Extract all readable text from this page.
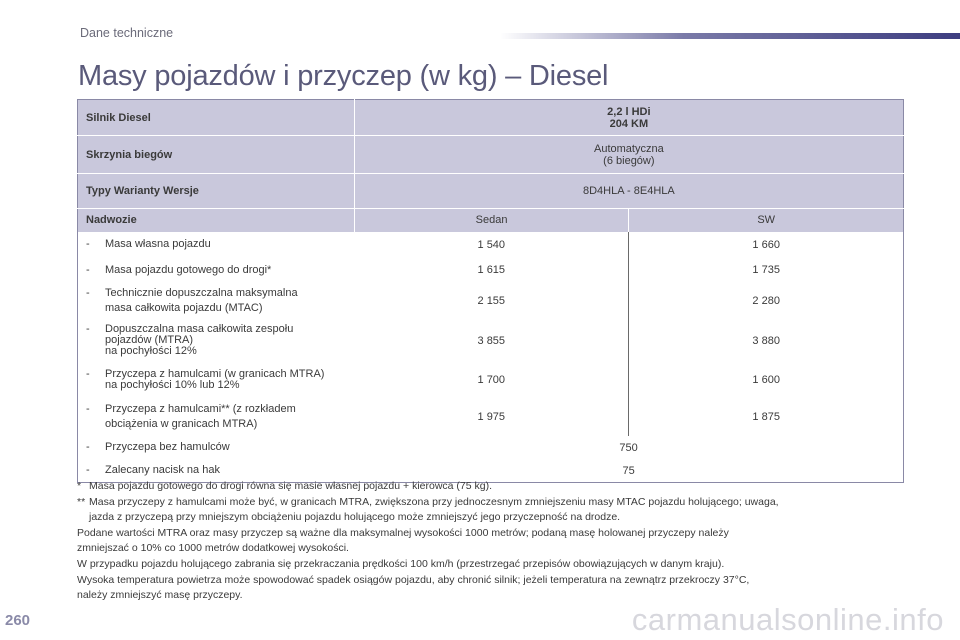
Dane techniczne
Masy pojazdów i przyczep (w kg) – Diesel
Silnik Diesel	2,2 l HDi
204 KM	

Skrzynia biegów	Automatyczna
(6 biegów)	

Typy Warianty Wersje	8D4HLA - 8E4HLA	
Nadwozie	Sedan	SW

- Masa własna pojazdu	1 540	1 660

- Masa pojazdu gotowego do drogi*	1 615	1 735

- Technicznie dopuszczalna maksymalna
masa całkowita pojazdu (MTAC)	2 155	2 280

- Dopuszczalna masa całkowita zespołu
pojazdów (MTRA)
na pochyłości 12%	3 855	3 880

- Przyczepa z hamulcami (w granicach MTRA)
na pochyłości 10% lub 12%	1 700	1 600

- Przyczepa z hamulcami** (z rozkładem
obciążenia w granicach MTRA)	1 975	1 875

- Przyczepa bez hamulców	750	

- Zalecany nacisk na hak	75	

* Masa pojazdu gotowego do drogi równa się masie własnej pojazdu + kierowca (75 kg).

** Masa przyczepy z hamulcami może być, w granicach MTRA, zwiększona przy jednoczesnym zmniejszeniu masy MTAC pojazdu holującego; uwaga,

jazda z przyczepą przy mniejszym obciążeniu pojazdu holującego może zmniejszyć jego przyczepność na drodze.

Podane wartości MTRA oraz masy przyczep są ważne dla maksymalnej wysokości 1000 metrów; podaną masę holowanej przyczepy należy

zmniejszać o 10% co 1000 metrów dodatkowej wysokości.

W przypadku pojazdu holującego zabrania się przekraczania prędkości 100 km/h (przestrzegać przepisów obowiązujących w danym kraju).

Wysoka temperatura powietrza może spowodować spadek osiągów pojazdu, aby chronić silnik; jeżeli temperatura na zewnątrz przekroczy 37°C,

należy zmniejszyć masę przyczepy.

260	carmanualsonline.info
